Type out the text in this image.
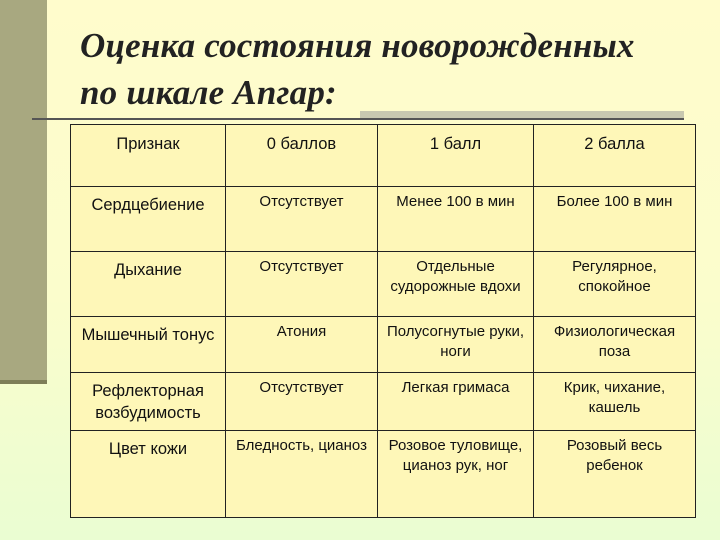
Оценка состояния новорожденных
по шкале Апгар:
Признак	0 баллов	1 балл	2 балла
Сердцебиение	Отсутствует	Менее 100 в мин	Более 100 в мин
Дыхание	Отсутствует	Отдельные судорожные вдохи	Регулярное, спокойное
Мышечный тонус	Атония	Полусогнутые руки, ноги	Физиологическая поза
Рефлекторная возбудимость	Отсутствует	Легкая гримаса	Крик, чихание, кашель
Цвет кожи	Бледность, цианоз	Розовое туловище, цианоз рук, ног	Розовый весь ребенок
